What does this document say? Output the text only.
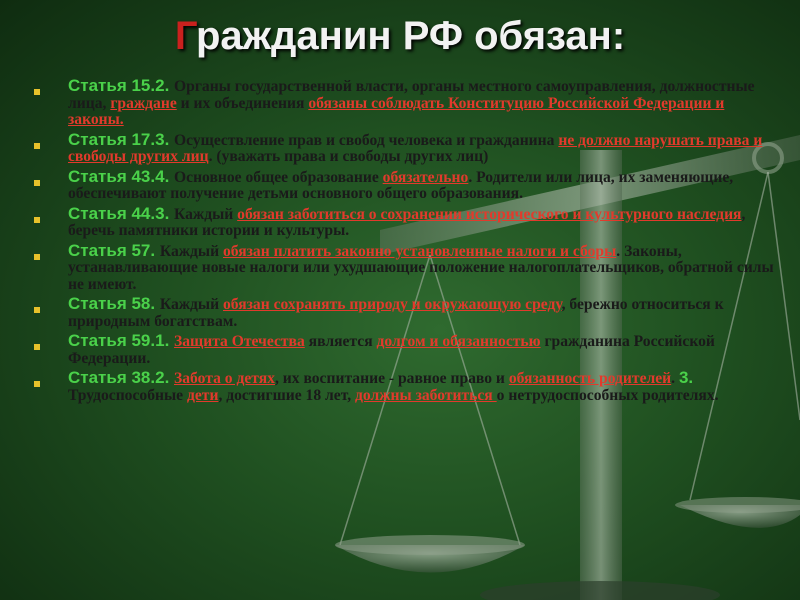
Гражданин РФ обязан:
Статья 15.2. Органы государственной власти, органы местного самоуправления, должностные лица, граждане и их объединения обязаны соблюдать Конституцию Российской Федерации и законы.
Статья 17.3. Осуществление прав и свобод человека и гражданина не должно нарушать права и свободы других лиц. (уважать права и свободы других лиц)
Статья 43.4. Основное общее образование обязательно. Родители или лица, их заменяющие, обеспечивают получение детьми основного общего образования.
Статья 44.3. Каждый обязан заботиться о сохранении исторического и культурного наследия, беречь памятники истории и культуры.
Статья 57. Каждый обязан платить законно установленные налоги и сборы. Законы, устанавливающие новые налоги или ухудшающие положение налогоплательщиков, обратной силы не имеют.
Статья 58. Каждый обязан сохранять природу и окружающую среду, бережно относиться к природным богатствам.
Статья 59.1. Защита Отечества является долгом и обязанностью гражданина Российской Федерации.
Статья 38.2. Забота о детях, их воспитание - равное право и обязанность родителей. 3. Трудоспособные дети, достигшие 18 лет, должны заботиться о нетрудоспособных родителях.
